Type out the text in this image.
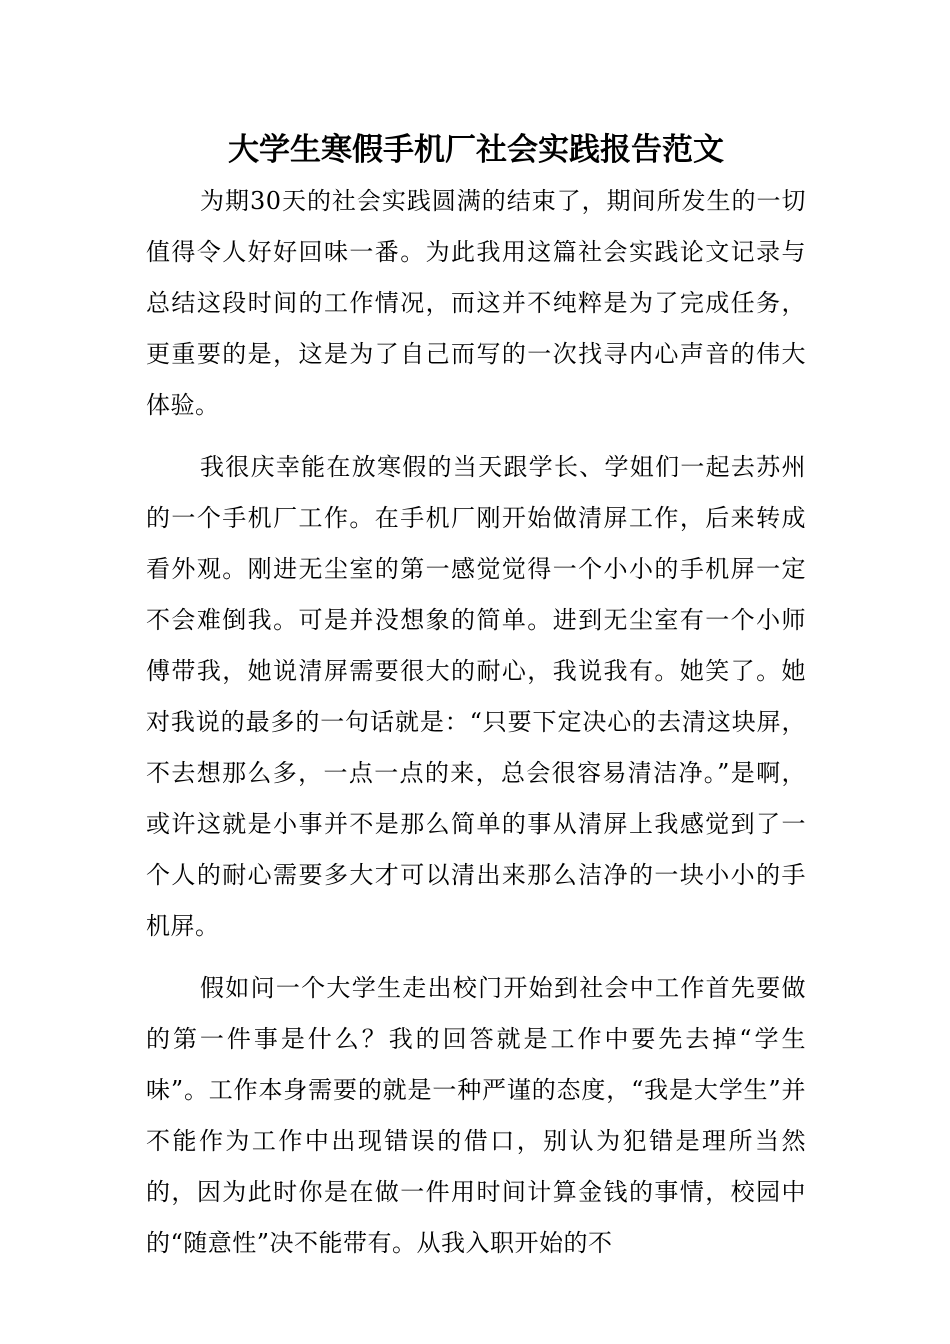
大学生寒假手机厂社会实践报告范文

为期30天的社会实践圆满的结束了，期间所发生的一切值得令人好好回味一番。为此我用这篇社会实践论文记录与总结这段时间的工作情况，而这并不纯粹是为了完成任务，更重要的是，这是为了自己而写的一次找寻内心声音的伟大体验。

我很庆幸能在放寒假的当天跟学长、学姐们一起去苏州的一个手机厂工作。在手机厂刚开始做清屏工作，后来转成看外观。刚进无尘室的第一感觉觉得一个小小的手机屏一定不会难倒我。可是并没想象的简单。进到无尘室有一个小师傅带我，她说清屏需要很大的耐心，我说我有。她笑了。她对我说的最多的一句话就是：“只要下定决心的去清这块屏，不去想那么多，一点一点的来，总会很容易清洁净。”是啊，或许这就是小事并不是那么简单的事从清屏上我感觉到了一个人的耐心需要多大才可以清出来那么洁净的一块小小的手机屏。

假如问一个大学生走出校门开始到社会中工作首先要做的第一件事是什么？我的回答就是工作中要先去掉“学生味”。工作本身需要的就是一种严谨的态度，“我是大学生”并不能作为工作中出现错误的借口，别认为犯错是理所当然的，因为此时你是在做一件用时间计算金钱的事情，校园中的“随意性”决不能带有。从我入职开始的不
